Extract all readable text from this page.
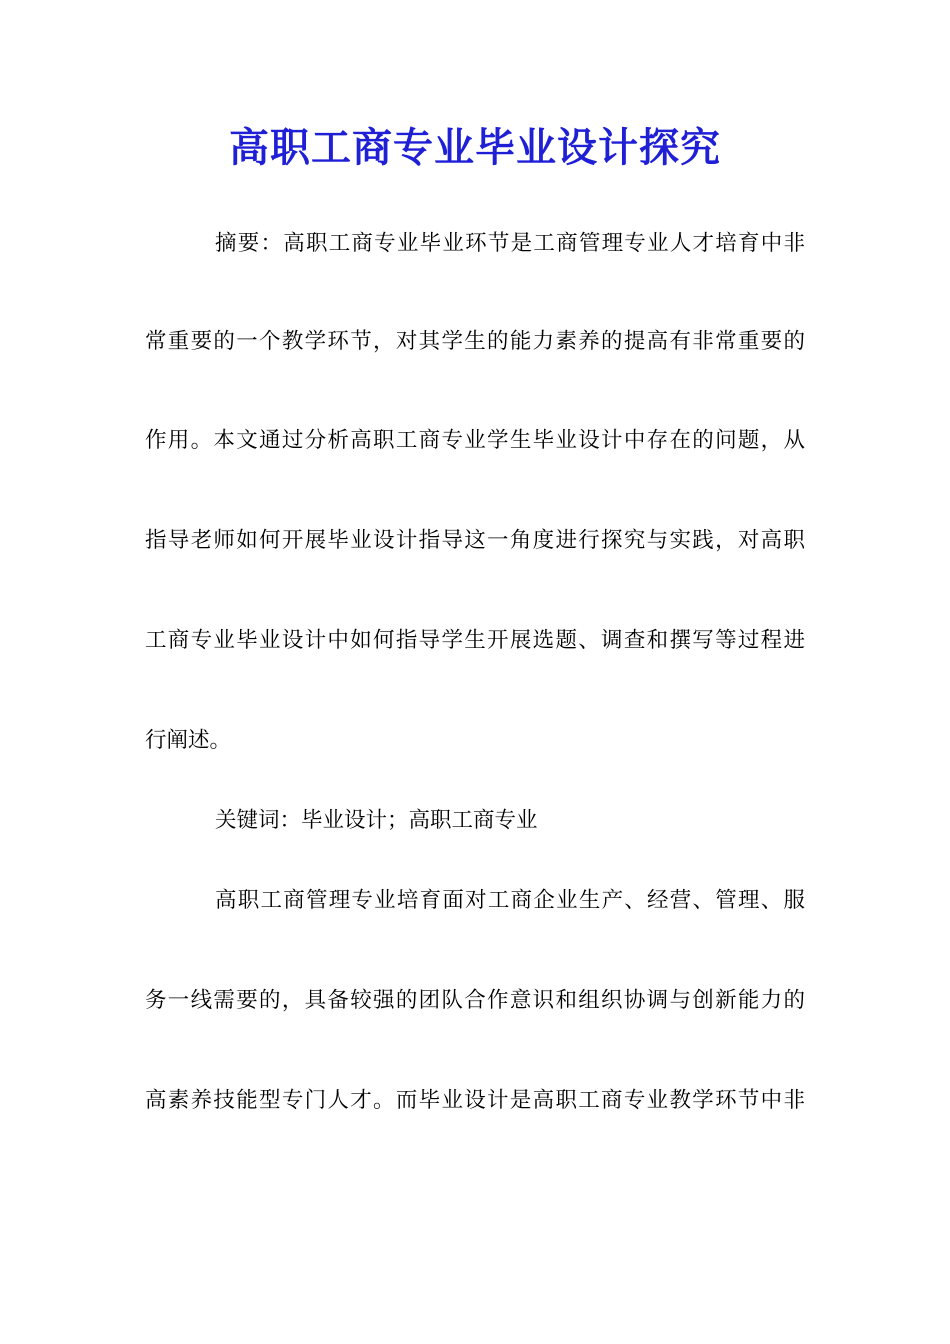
高职工商专业毕业设计探究

摘要：高职工商专业毕业环节是工商管理专业人才培育中非

常重要的一个教学环节，对其学生的能力素养的提高有非常重要的

作用。本文通过分析高职工商专业学生毕业设计中存在的问题，从

指导老师如何开展毕业设计指导这一角度进行探究与实践，对高职

工商专业毕业设计中如何指导学生开展选题、调查和撰写等过程进

行阐述。

关键词：毕业设计；高职工商专业

高职工商管理专业培育面对工商企业生产、经营、管理、服

务一线需要的，具备较强的团队合作意识和组织协调与创新能力的

高素养技能型专门人才。而毕业设计是高职工商专业教学环节中非
